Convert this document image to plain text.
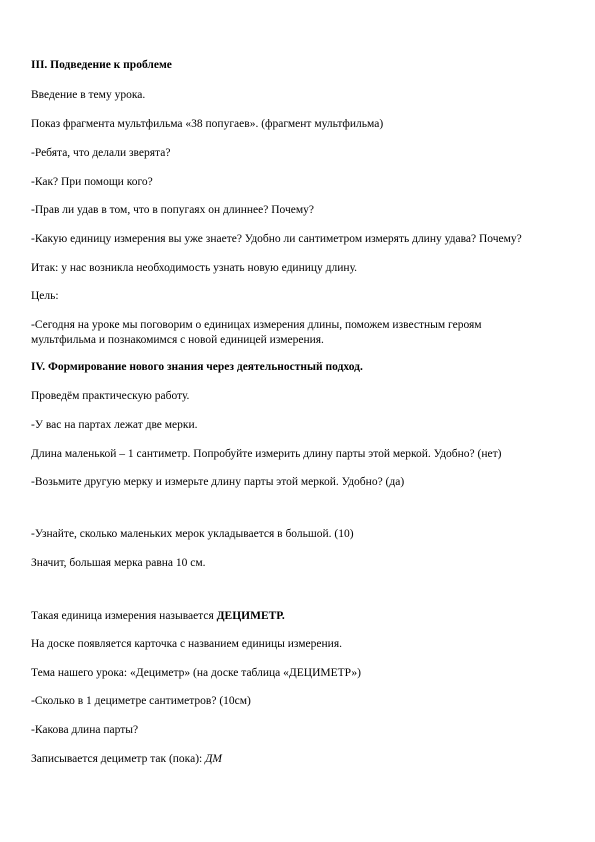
III. Подведение к проблеме
Введение в тему урока.
Показ фрагмента мультфильма «38 попугаев». (фрагмент мультфильма)
-Ребята, что делали зверята?
-Как? При помощи кого?
-Прав ли удав в том, что в попугаях он длиннее? Почему?
-Какую единицу измерения вы уже знаете? Удобно ли сантиметром измерять длину удава? Почему?
Итак: у нас возникла необходимость узнать новую единицу длину.
Цель:
-Сегодня на уроке мы поговорим о единицах измерения длины, поможем известным героям
мультфильма и познакомимся с новой единицей измерения.
IV. Формирование нового знания через деятельностный подход.
Проведём практическую работу.
-У вас на партах лежат две мерки.
Длина маленькой – 1 сантиметр. Попробуйте измерить длину парты этой меркой. Удобно? (нет)
-Возьмите другую мерку и измерьте длину парты этой меркой. Удобно? (да)
-Узнайте, сколько маленьких мерок укладывается в большой. (10)
Значит, большая мерка равна 10 см.
Такая единица измерения называется ДЕЦИМЕТР.
На доске появляется карточка с названием единицы измерения.
Тема нашего урока: «Дециметр» (на доске таблица «ДЕЦИМЕТР»)
-Сколько в 1 дециметре сантиметров? (10см)
-Какова длина парты?
Записывается дециметр так (пока): ДМ
